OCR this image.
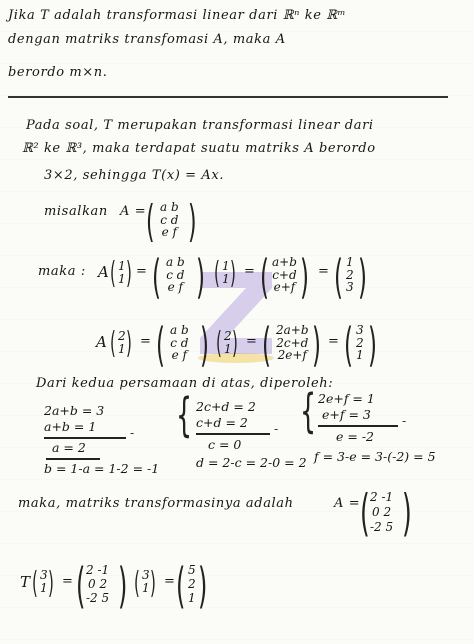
Jika T adalah transformasi linear dari ℝⁿ ke ℝᵐ
dengan matriks transfomasi A, maka A
berordo m×n.
Pada soal, T merupakan transformasi linear dari
ℝ² ke ℝ³, maka terdapat suatu matriks A berordo
3×2, sehingga T(x) = Ax.
misalkan A = ( a b
c d
e f )
maka : A ( 1
1 ) = ( a b
c d
e f ) ( 1
1 ) = ( a+b
c+d
e+f ) = ( 1
2
3 )
A ( 2
1 ) = ( a b
c d
e f ) ( 2
1 ) = ( 2a+b
2c+d
2e+f ) = ( 3
2
1 )
Dari kedua persamaan di atas, diperoleh:
2a+b = 3
a+b = 1	-
a = 2
b = 1-a = 1-2 = -1
{ 2c+d = 2
c+d = 2 -
c = 0
d = 2-c = 2-0 = 2
{ 2e+f = 1
e+f = 3 -
e = -2
f = 3-e = 3-(-2) = 5
maka, matriks transformasinya adalah	A = ( 2 -1
0 2
-2 5 )
T ( 3
1 ) = ( 2 -1
0 2
-2 5 ) ( 3
1 ) = ( 5
2
1 )
